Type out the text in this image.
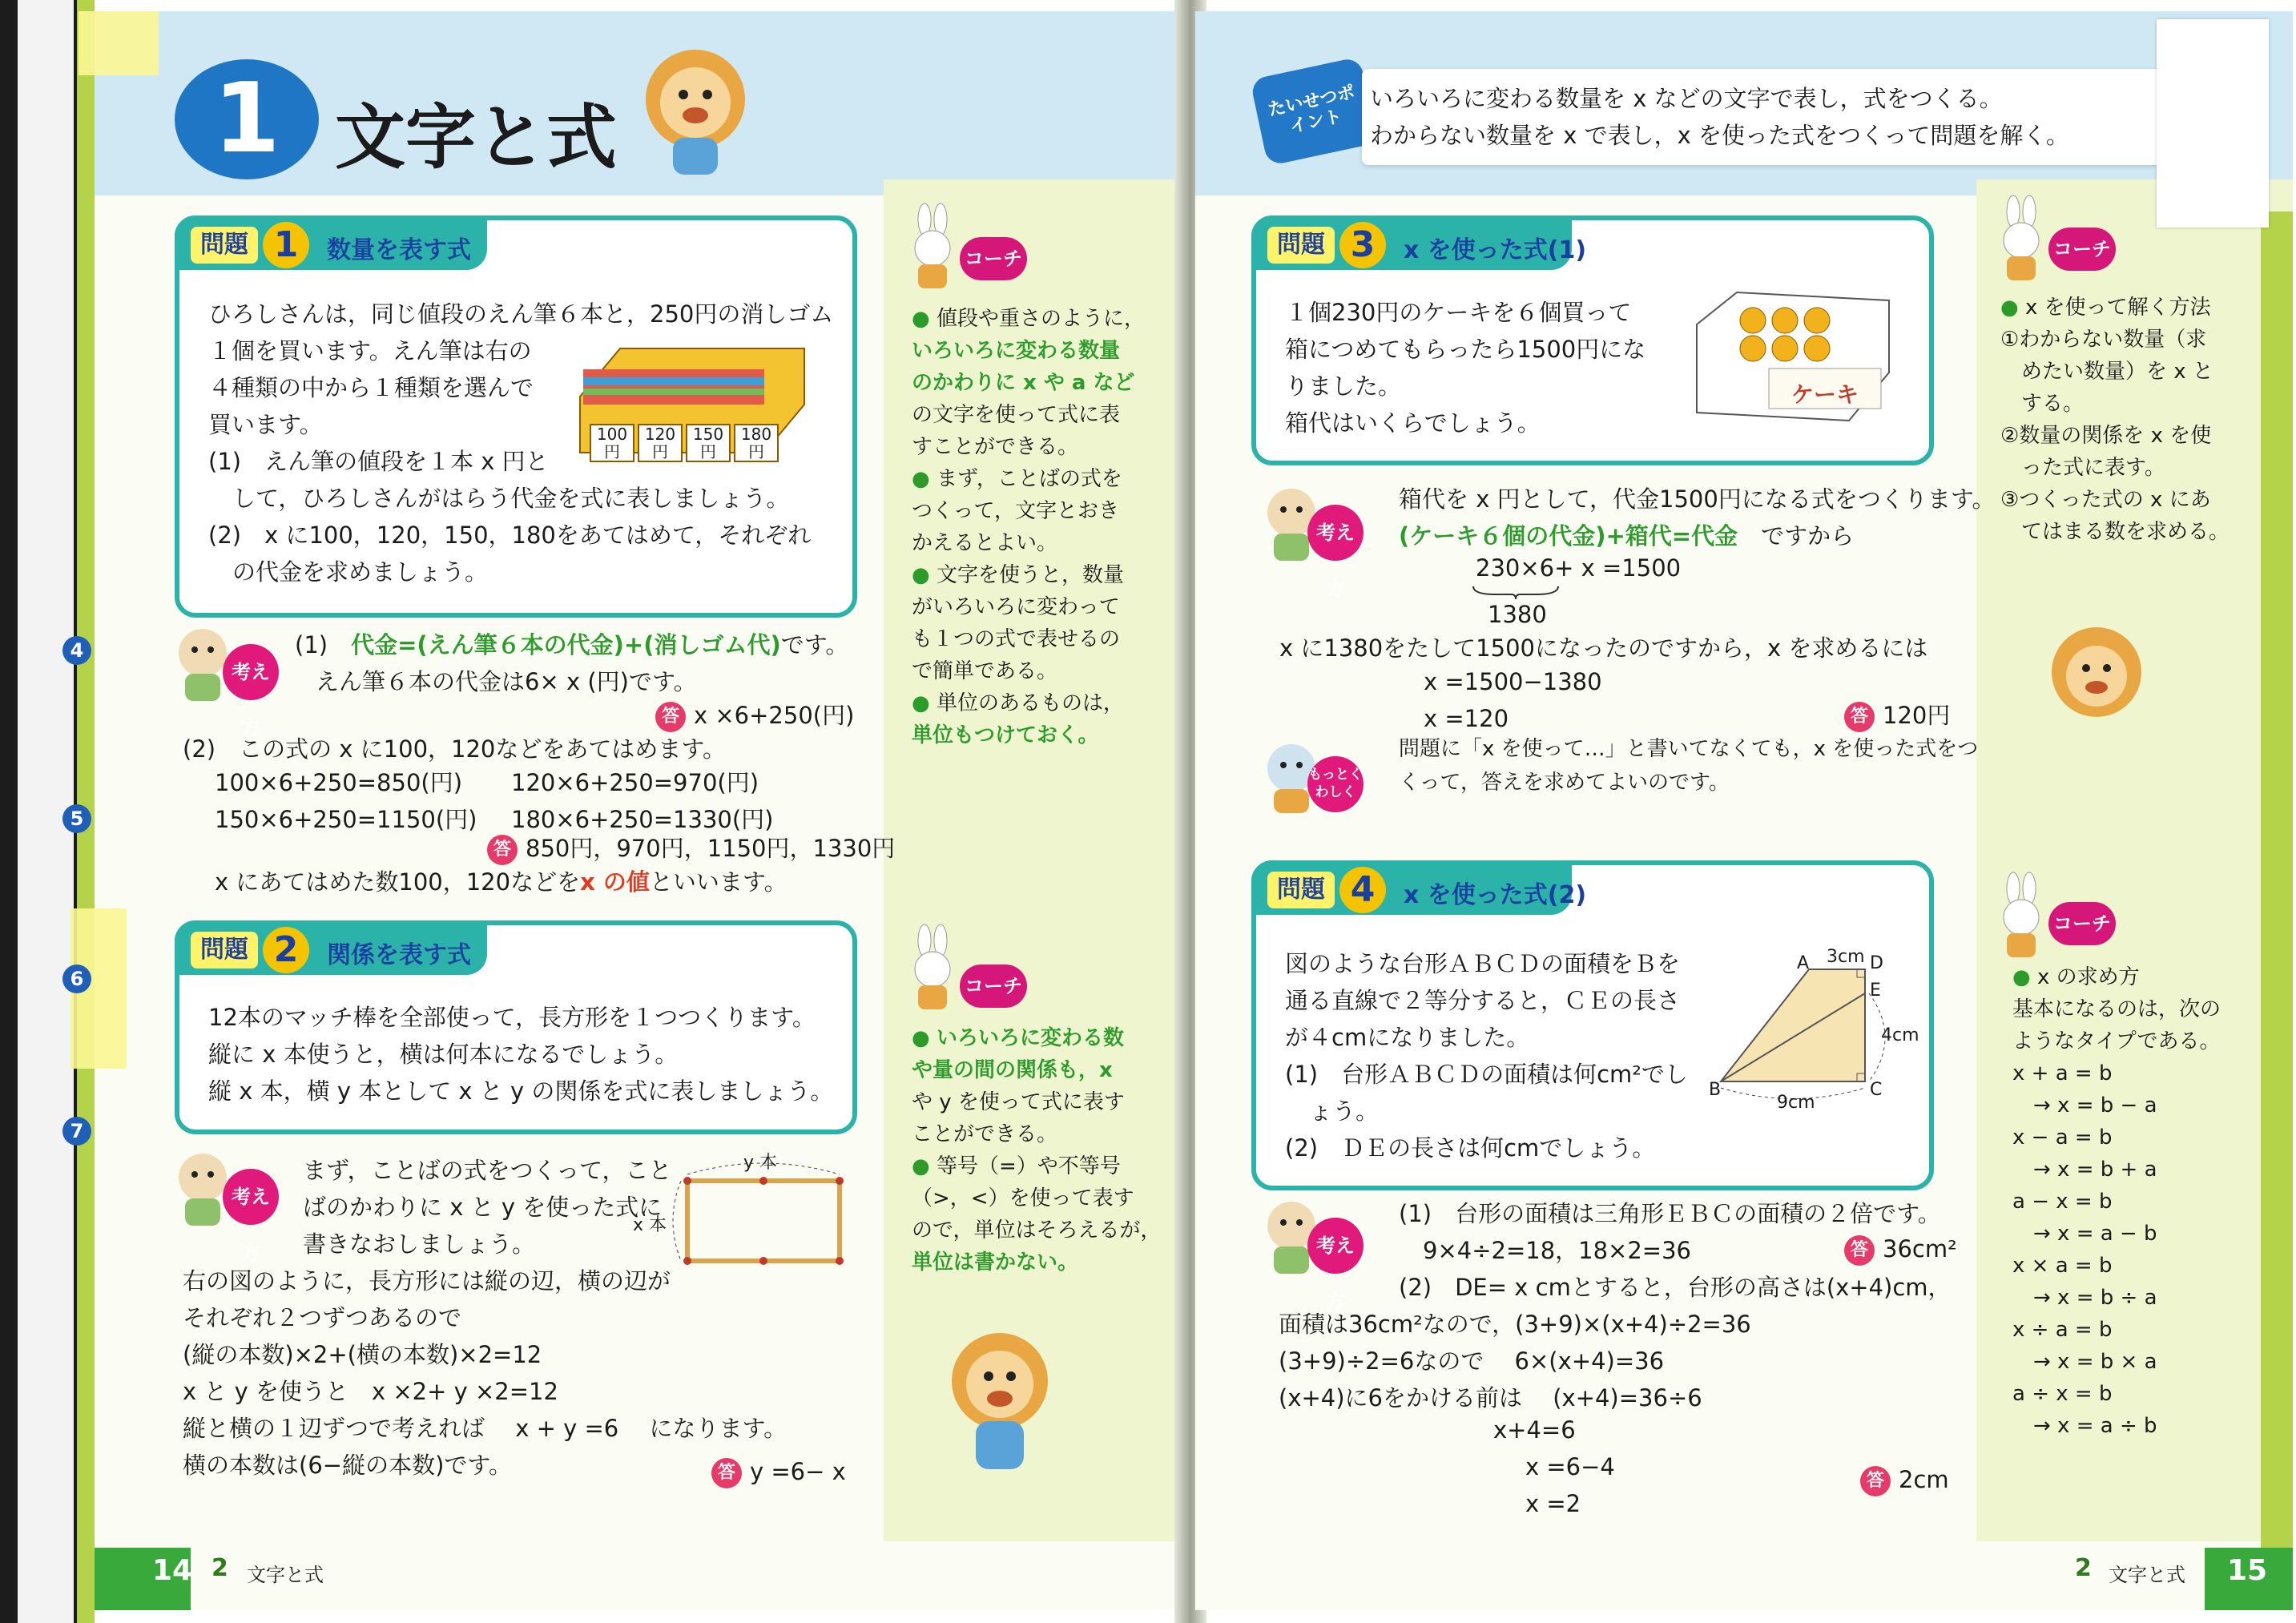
1 文字と式
問題 1	数量を表す式
ひろしさんは，同じ値段のえん筆６本と，250円の消しゴム
１個を買います。えん筆は右の
４種類の中から１種類を選んで
買います。
(1)　えん筆の値段を１本 x 円と
して，ひろしさんがはらう代金を式に表しましょう。
(2)　x に100，120，150，180をあてはめて，それぞれ
の代金を求めましょう。
100円
120円
150円
180円
考え方
(1)　 代金=(えん筆６本の代金)+(消しゴム代)です。
えん筆６本の代金は6× x (円)です。
答 x ×6+250(円)
(2)　この式の x に100，120などをあてはめます。
100×6+250=850(円)
150×6+250=1150(円)
120×6+250=970(円)
180×6+250=1330(円)
答 850円，970円，1150円，1330円
x にあてはめた数100，120などをx の値といいます。
問題 2	関係を表す式
12本のマッチ棒を全部使って，長方形を１つつくります。
縦に x 本使うと，横は何本になるでしょう。
縦 x 本，横 y 本として x と y の関係を式に表しましょう。
考え方
まず，ことばの式をつくって，こと
ばのかわりに x と y を使った式に
書きなおしましょう。
y 本
x 本
右の図のように，長方形には縦の辺，横の辺が
それぞれ２つずつあるので
(縦の本数)×2+(横の本数)×2=12
x と y を使うと　x ×2+ y ×2=12
縦と横の１辺ずつで考えれば　 x + y =6　 になります。
横の本数は(6−縦の本数)です。	答 y =6− x
コーチ
● 値段や重さのように，
いろいろに変わる数量
のかわりに x や a など
の文字を使って式に表
すことができる。
● まず，ことばの式を
つくって，文字とおき
かえるとよい。
● 文字を使うと，数量
がいろいろに変わって
も１つの式で表せるの
で簡単である。
● 単位のあるものは，
単位もつけておく。
コーチ
● いろいろに変わる数
や量の間の関係も，x
や y を使って式に表す
ことができる。
● 等号（=）や不等号
（>，<）を使って表す
ので，単位はそろえるが，
単位は書かない。
4
5
6
7
14 2 文字と式
たいせつポイント
いろいろに変わる数量を x などの文字で表し，式をつくる。
わからない数量を x で表し，x を使った式をつくって問題を解く。
問題 3	x を使った式(1)
１個230円のケーキを６個買って
箱につめてもらったら1500円にな
りました。
箱代はいくらでしょう。
ケーキ
考え方
箱代を x 円として，代金1500円になる式をつくります。
(ケーキ６個の代金)+箱代=代金　 ですから
230×6+ x =1500
1380
x に1380をたして1500になったのですから，x を求めるには
x =1500−1380
x =120	答 120円
もっとくわしく
問題に「x を使って…」と書いてなくても，x を使った式をつ
くって，答えを求めてよいのです。
問題 4	x を使った式(2)
図のような台形ＡＢＣＤの面積をＢを
通る直線で２等分すると，ＣＥの長さ
が４cmになりました。
(1)　台形ＡＢＣＤの面積は何cm²でし
ょう。
(2)　ＤＥの長さは何cmでしょう。
A	D
E
B	C
3cm
9cm
4cm
考え方
(1)　台形の面積は三角形ＥＢＣの面積の２倍です。
9×4÷2=18，18×2=36
(2)　DE= x cmとすると，台形の高さは(x+4)cm，
答 36cm²
面積は36cm²なので，(3+9)×(x+4)÷2=36
(3+9)÷2=6なので　 6×(x+4)=36
(x+4)に6をかける前は　 (x+4)=36÷6
x+4=6
x =6−4
x =2
答 2cm
コーチ
● x を使って解く方法
①わからない数量（求
　めたい数量）を x と
　する。
②数量の関係を x を使
　った式に表す。
③つくった式の x にあ
　てはまる数を求める。
コーチ
● x の求め方
基本になるのは，次の
ようなタイプである。
x + a = b
　→ x = b − a
x − a = b
　→ x = b + a
a − x = b
　→ x = a − b
x × a = b
　→ x = b ÷ a
x ÷ a = b
　→ x = b × a
a ÷ x = b
　→ x = a ÷ b
2 文字と式 15
